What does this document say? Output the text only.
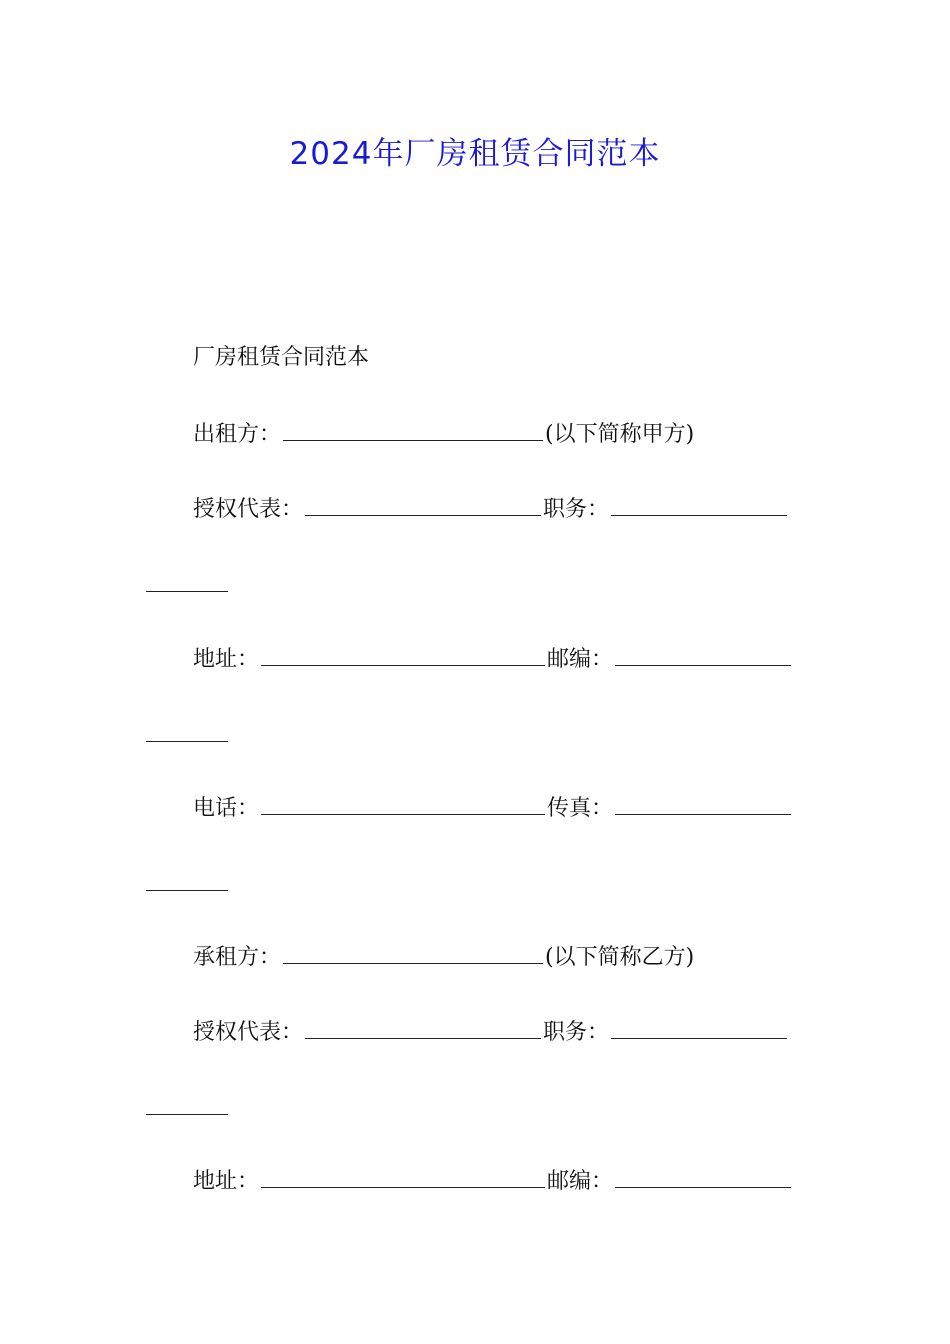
2024年厂房租赁合同范本
厂房租赁合同范本
出租方：	(以下简称甲方)
授权代表：	职务：
地址：	邮编：
电话：	传真：
承租方：	(以下简称乙方)
授权代表：	职务：
地址：	邮编：
